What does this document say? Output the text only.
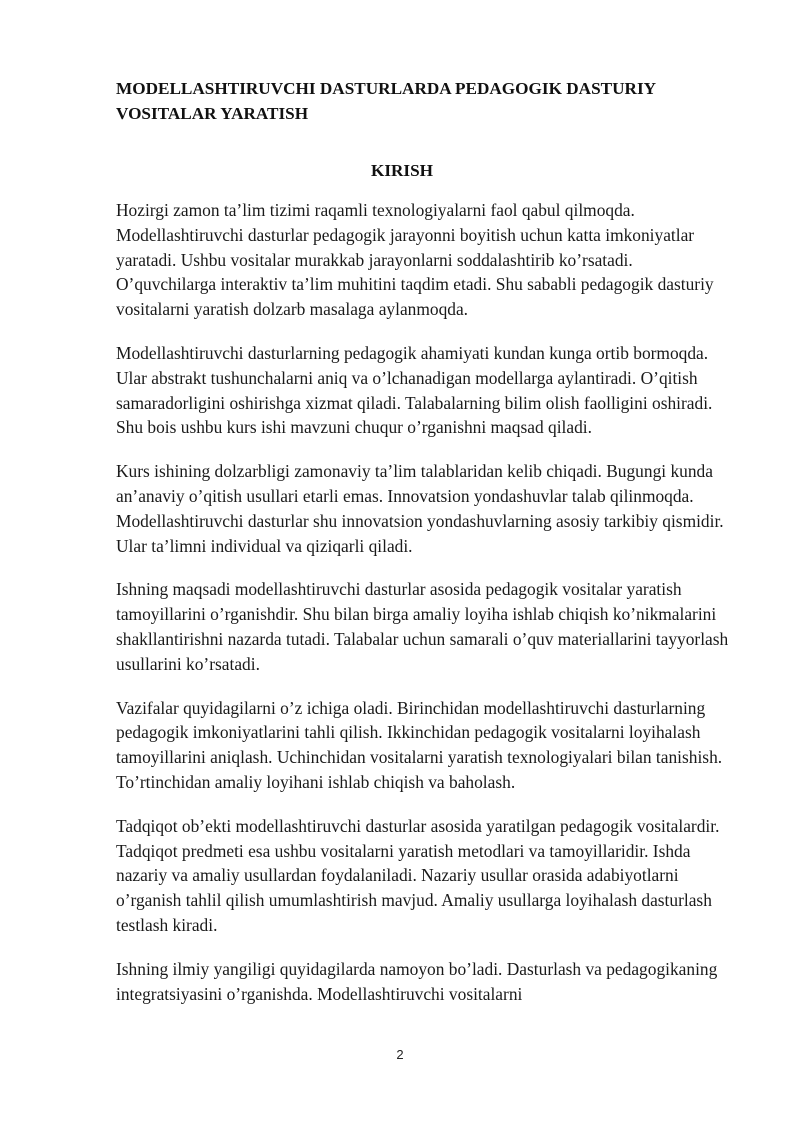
MODELLASHTIRUVCHI DASTURLARDA PEDAGOGIK DASTURIY VOSITALAR YARATISH
KIRISH

Hozirgi zamon ta’lim tizimi raqamli texnologiyalarni faol qabul qilmoqda. Modellashtiruvchi dasturlar pedagogik jarayonni boyitish uchun katta imkoniyatlar yaratadi. Ushbu vositalar murakkab jarayonlarni soddalashtirib ko’rsatadi. O’quvchilarga interaktiv ta’lim muhitini taqdim etadi. Shu sababli pedagogik dasturiy vositalarni yaratish dolzarb masalaga aylanmoqda.

Modellashtiruvchi dasturlarning pedagogik ahamiyati kundan kunga ortib bormoqda. Ular abstrakt tushunchalarni aniq va o’lchanadigan modellarga aylantiradi. O’qitish samaradorligini oshirishga xizmat qiladi. Talabalarning bilim olish faolligini oshiradi. Shu bois ushbu kurs ishi mavzuni chuqur o’rganishni maqsad qiladi.

Kurs ishining dolzarbligi zamonaviy ta’lim talablaridan kelib chiqadi. Bugungi kunda an’anaviy o’qitish usullari etarli emas. Innovatsion yondashuvlar talab qilinmoqda. Modellashtiruvchi dasturlar shu innovatsion yondashuvlarning asosiy tarkibiy qismidir. Ular ta’limni individual va qiziqarli qiladi.

Ishning maqsadi modellashtiruvchi dasturlar asosida pedagogik vositalar yaratish tamoyillarini o’rganishdir. Shu bilan birga amaliy loyiha ishlab chiqish ko’nikmalarini shakllantirishni nazarda tutadi. Talabalar uchun samarali o’quv materiallarini tayyorlash usullarini ko’rsatadi.

Vazifalar quyidagilarni o’z ichiga oladi. Birinchidan modellashtiruvchi dasturlarning pedagogik imkoniyatlarini tahli qilish. Ikkinchidan pedagogik vositalarni loyihalash tamoyillarini aniqlash. Uchinchidan vositalarni yaratish texnologiyalari bilan tanishish. To’rtinchidan amaliy loyihani ishlab chiqish va baholash.

Tadqiqot ob’ekti modellashtiruvchi dasturlar asosida yaratilgan pedagogik vositalardir. Tadqiqot predmeti esa ushbu vositalarni yaratish metodlari va tamoyillaridir. Ishda nazariy va amaliy usullardan foydalaniladi. Nazariy usullar orasida adabiyotlarni o’rganish tahlil qilish umumlashtirish mavjud. Amaliy usullarga loyihalash dasturlash testlash kiradi.

Ishning ilmiy yangiligi quyidagilarda namoyon bo’ladi. Dasturlash va pedagogikaning integratsiyasini o’rganishda. Modellashtiruvchi vositalarni

2
